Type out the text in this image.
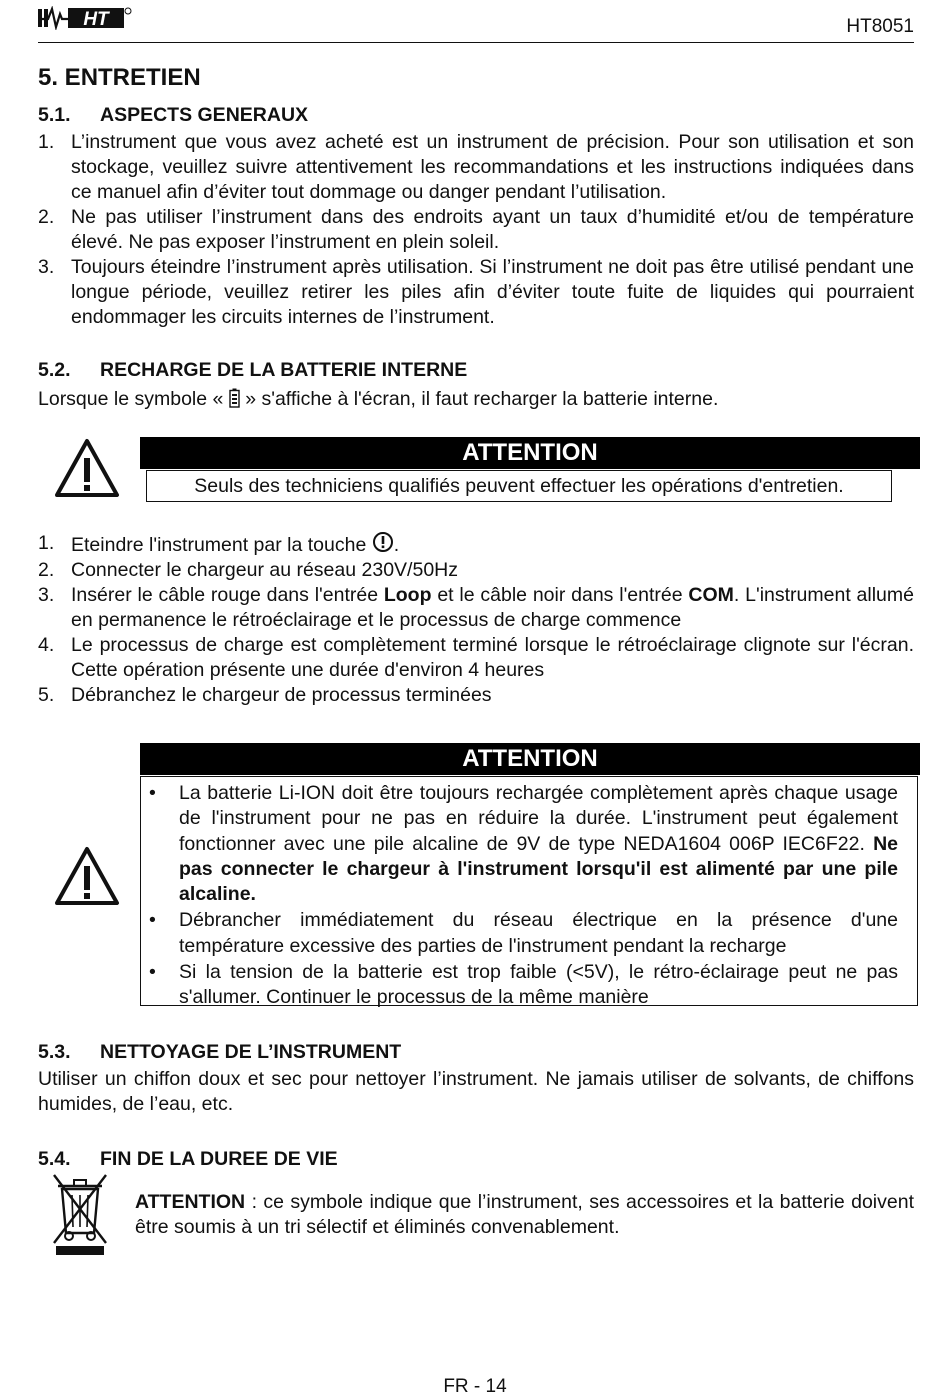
HT	HT8051
5. ENTRETIEN
5.1. ASPECTS GENERAUX
1. L’instrument que vous avez acheté est un instrument de précision. Pour son utilisation et son stockage, veuillez suivre attentivement les recommandations et les instructions indiquées dans ce manuel afin d’éviter tout dommage ou danger pendant l’utilisation.
2. Ne pas utiliser l’instrument dans des endroits ayant un taux d’humidité et/ou de température élevé. Ne pas exposer l’instrument en plein soleil.
3. Toujours éteindre l’instrument après utilisation. Si l’instrument ne doit pas être utilisé pendant une longue période, veuillez retirer les piles afin d’éviter toute fuite de liquides qui pourraient endommager les circuits internes de l’instrument.
5.2. RECHARGE DE LA BATTERIE INTERNE

Lorsque le symbole « » s'affiche à l'écran, il faut recharger la batterie interne.

ATTENTION
Seuls des techniciens qualifiés peuvent effectuer les opérations d'entretien.
1. Eteindre l'instrument par la touche .
2. Connecter le chargeur au réseau 230V/50Hz
3. Insérer le câble rouge dans l'entrée Loop et le câble noir dans l'entrée COM. L'instrument allumé en permanence le rétroéclairage et le processus de charge commence
4. Le processus de charge est complètement terminé lorsque le rétroéclairage clignote sur l'écran. Cette opération présente une durée d'environ 4 heures
5. Débranchez le chargeur de processus terminées
ATTENTION
• La batterie Li-ION doit être toujours rechargée complètement après chaque usage de l'instrument pour ne pas en réduire la durée. L'instrument peut également fonctionner avec une pile alcaline de 9V de type NEDA1604 006P IEC6F22. Ne pas connecter le chargeur à l'instrument lorsqu'il est alimenté par une pile alcaline.
• Débrancher immédiatement du réseau électrique en la présence d'une température excessive des parties de l'instrument pendant la recharge
• Si la tension de la batterie est trop faible (<5V), le rétro-éclairage peut ne pas s'allumer. Continuer le processus de la même manière
5.3. NETTOYAGE DE L’INSTRUMENT

Utiliser un chiffon doux et sec pour nettoyer l’instrument. Ne jamais utiliser de solvants, de chiffons humides, de l’eau, etc.

5.4. FIN DE LA DUREE DE VIE

ATTENTION : ce symbole indique que l’instrument, ses accessoires et la batterie doivent être soumis à un tri sélectif et éliminés convenablement.

FR - 14
